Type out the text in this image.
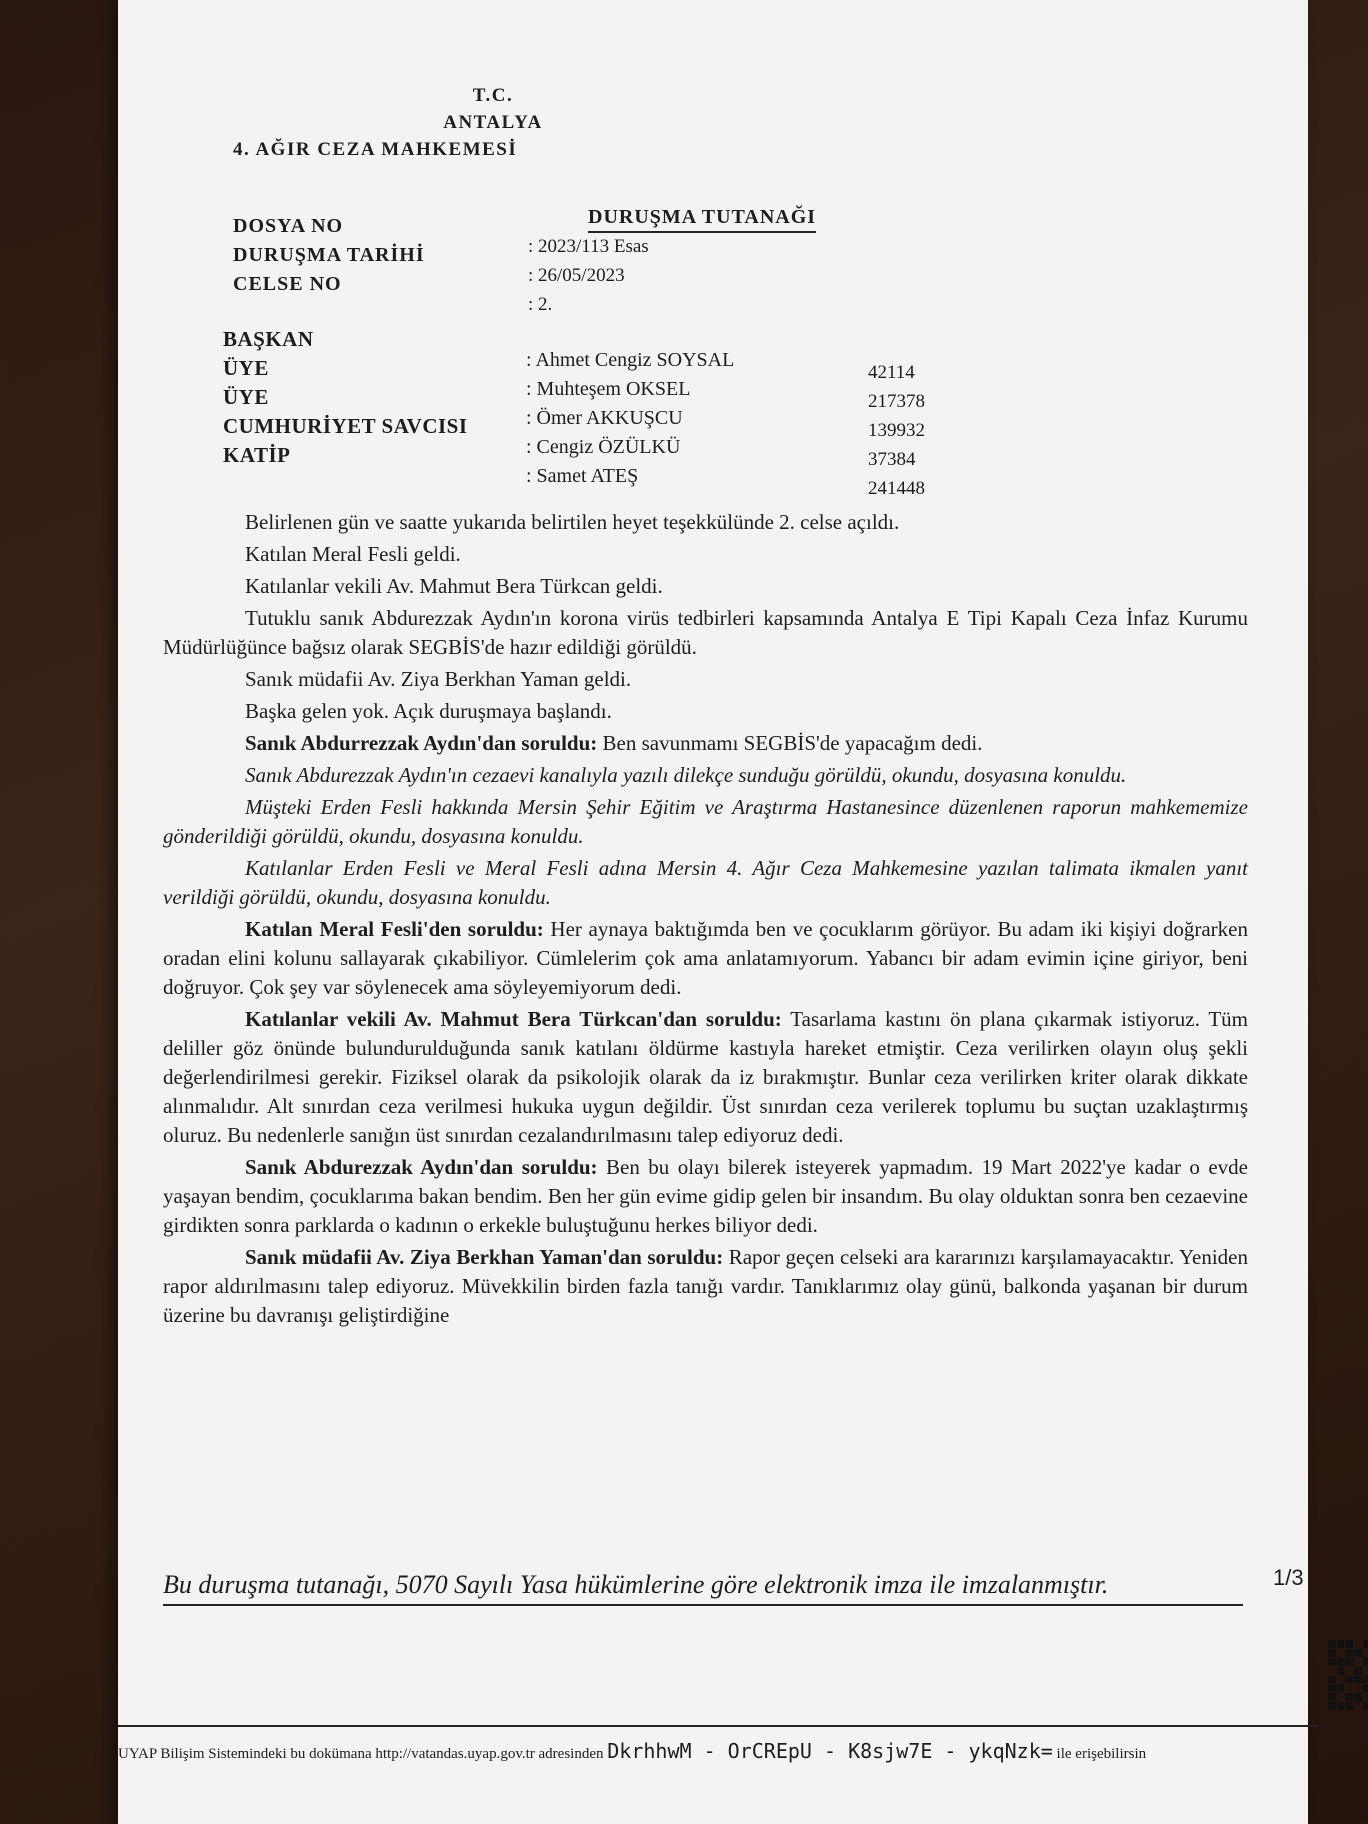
T.C.
ANTALYA
4. AĞIR CEZA MAHKEMESİ
DURUŞMA TUTANAĞI
DOSYA NO
DURUŞMA TARİHİ
CELSE NO
: 2023/113 Esas
: 26/05/2023
: 2.
BAŞKAN
ÜYE
ÜYE
CUMHURİYET SAVCISI
KATİP
: Ahmet Cengiz SOYSAL
: Muhteşem OKSEL
: Ömer AKKUŞCU
: Cengiz ÖZÜLKÜ
: Samet ATEŞ
42114
217378
139932
37384
241448

Belirlenen gün ve saatte yukarıda belirtilen heyet teşekkülünde 2. celse açıldı.

Katılan Meral Fesli geldi.

Katılanlar vekili Av. Mahmut Bera Türkcan geldi.

Tutuklu sanık Abdurezzak Aydın'ın korona virüs tedbirleri kapsamında Antalya E Tipi Kapalı Ceza İnfaz Kurumu Müdürlüğünce bağsız olarak SEGBİS'de hazır edildiği görüldü.

Sanık müdafii Av. Ziya Berkhan Yaman geldi.

Başka gelen yok. Açık duruşmaya başlandı.

Sanık Abdurrezzak Aydın'dan soruldu: Ben savunmamı SEGBİS'de yapacağım dedi.

Sanık Abdurezzak Aydın'ın cezaevi kanalıyla yazılı dilekçe sunduğu görüldü, okundu, dosyasına konuldu.

Müşteki Erden Fesli hakkında Mersin Şehir Eğitim ve Araştırma Hastanesince düzenlenen raporun mahkememize gönderildiği görüldü, okundu, dosyasına konuldu.

Katılanlar Erden Fesli ve Meral Fesli adına Mersin 4. Ağır Ceza Mahkemesine yazılan talimata ikmalen yanıt verildiği görüldü, okundu, dosyasına konuldu.

Katılan Meral Fesli'den soruldu: Her aynaya baktığımda ben ve çocuklarım görüyor. Bu adam iki kişiyi doğrarken oradan elini kolunu sallayarak çıkabiliyor. Cümlelerim çok ama anlatamıyorum. Yabancı bir adam evimin içine giriyor, beni doğruyor. Çok şey var söylenecek ama söyleyemiyorum dedi.

Katılanlar vekili Av. Mahmut Bera Türkcan'dan soruldu: Tasarlama kastını ön plana çıkarmak istiyoruz. Tüm deliller göz önünde bulundurulduğunda sanık katılanı öldürme kastıyla hareket etmiştir. Ceza verilirken olayın oluş şekli değerlendirilmesi gerekir. Fiziksel olarak da psikolojik olarak da iz bırakmıştır. Bunlar ceza verilirken kriter olarak dikkate alınmalıdır. Alt sınırdan ceza verilmesi hukuka uygun değildir. Üst sınırdan ceza verilerek toplumu bu suçtan uzaklaştırmış oluruz. Bu nedenlerle sanığın üst sınırdan cezalandırılmasını talep ediyoruz dedi.

Sanık Abdurezzak Aydın'dan soruldu: Ben bu olayı bilerek isteyerek yapmadım. 19 Mart 2022'ye kadar o evde yaşayan bendim, çocuklarıma bakan bendim. Ben her gün evime gidip gelen bir insandım. Bu olay olduktan sonra ben cezaevine girdikten sonra parklarda o kadının o erkekle buluştuğunu herkes biliyor dedi.

Sanık müdafii Av. Ziya Berkhan Yaman'dan soruldu: Rapor geçen celseki ara kararınızı karşılamayacaktır. Yeniden rapor aldırılmasını talep ediyoruz. Müvekkilin birden fazla tanığı vardır. Tanıklarımız olay günü, balkonda yaşanan bir durum üzerine bu davranışı geliştirdiğine

Bu duruşma tutanağı, 5070 Sayılı Yasa hükümlerine göre elektronik imza ile imzalanmıştır.	1/3
UYAP Bilişim Sistemindeki bu dokümana http://vatandas.uyap.gov.tr adresinden DkrhhwM - OrCREpU - K8sjw7E - ykqNzk= ile erişebilirsin
